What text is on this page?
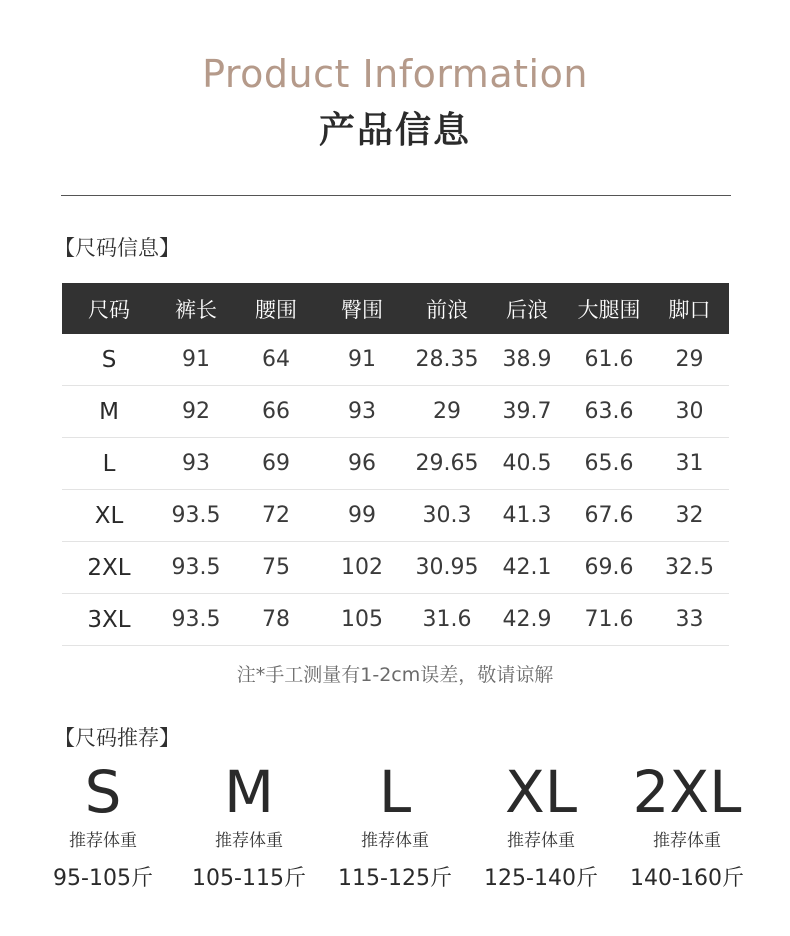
Product Information
产品信息
【尺码信息】
尺码	裤长	腰围	臀围	前浪	后浪	大腿围	脚口
S	91	64	91	28.35	38.9	61.6	29
M	92	66	93	29	39.7	63.6	30
L	93	69	96	29.65	40.5	65.6	31
XL	93.5	72	99	30.3	41.3	67.6	32
2XL	93.5	75	102	30.95	42.1	69.6	32.5
3XL	93.5	78	105	31.6	42.9	71.6	33
注*手工测量有1-2cm误差，敬请谅解
【尺码推荐】
S
推荐体重
95-105斤
M
推荐体重
105-115斤
L
推荐体重
115-125斤
XL
推荐体重
125-140斤
2XL
推荐体重
140-160斤
